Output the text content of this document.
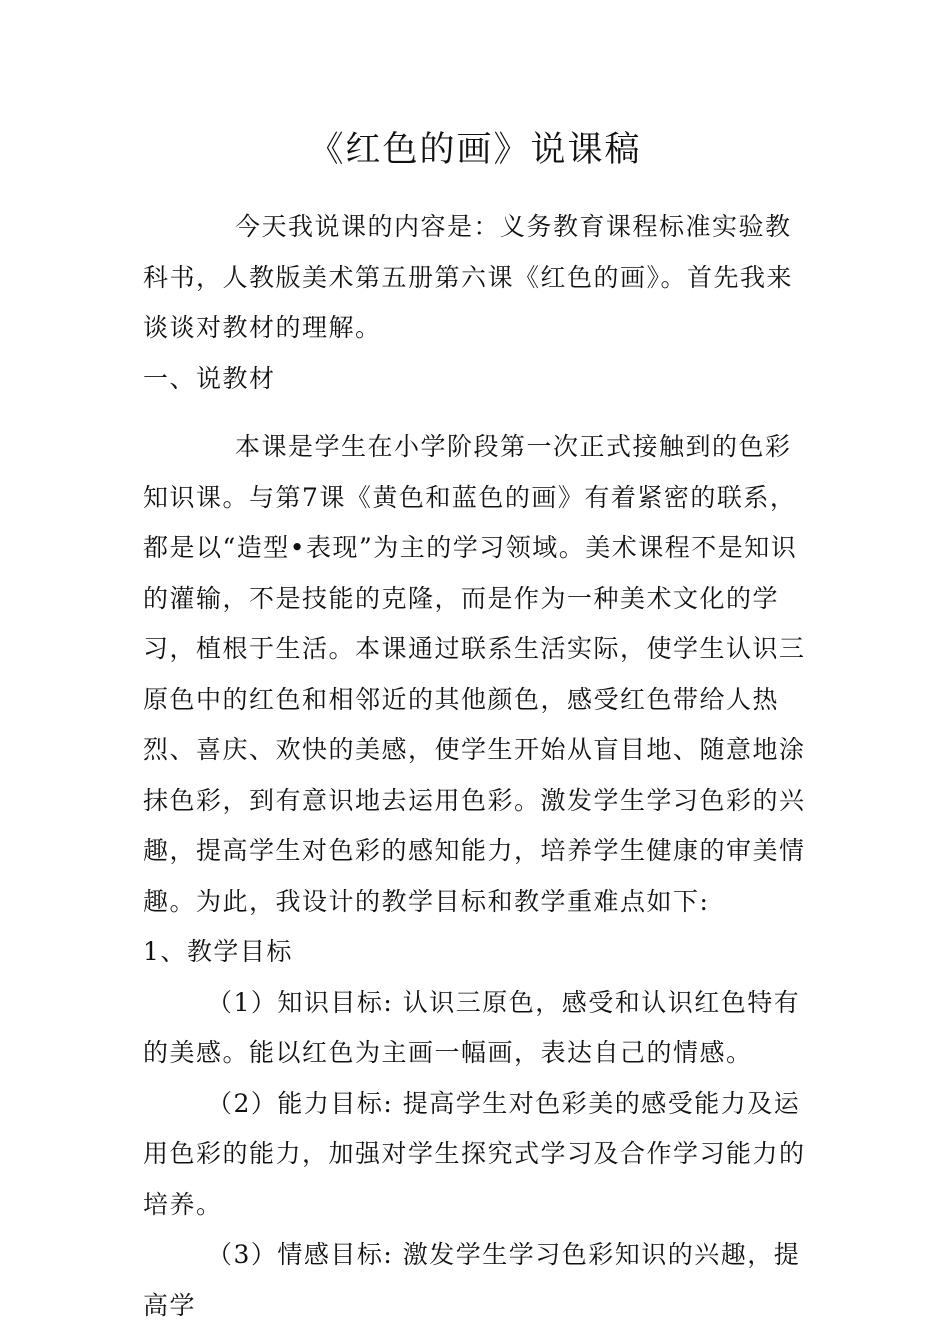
《红色的画》说课稿

今天我说课的内容是：义务教育课程标准实验教科书，人教版美术第五册第六课《红色的画》。首先我来谈谈对教材的理解。

一、说教材

本课是学生在小学阶段第一次正式接触到的色彩知识课。与第7课《黄色和蓝色的画》有着紧密的联系，都是以“造型•表现”为主的学习领域。美术课程不是知识的灌输，不是技能的克隆，而是作为一种美术文化的学习，植根于生活。本课通过联系生活实际，使学生认识三原色中的红色和相邻近的其他颜色，感受红色带给人热烈、喜庆、欢快的美感，使学生开始从盲目地、随意地涂抹色彩，到有意识地去运用色彩。激发学生学习色彩的兴趣，提高学生对色彩的感知能力，培养学生健康的审美情趣。为此，我设计的教学目标和教学重难点如下:

1、教学目标

（1）知识目标: 认识三原色，感受和认识红色特有的美感。能以红色为主画一幅画，表达自己的情感。

（2）能力目标: 提高学生对色彩美的感受能力及运用色彩的能力，加强对学生探究式学习及合作学习能力的培养。

（3）情感目标: 激发学生学习色彩知识的兴趣，提高学
